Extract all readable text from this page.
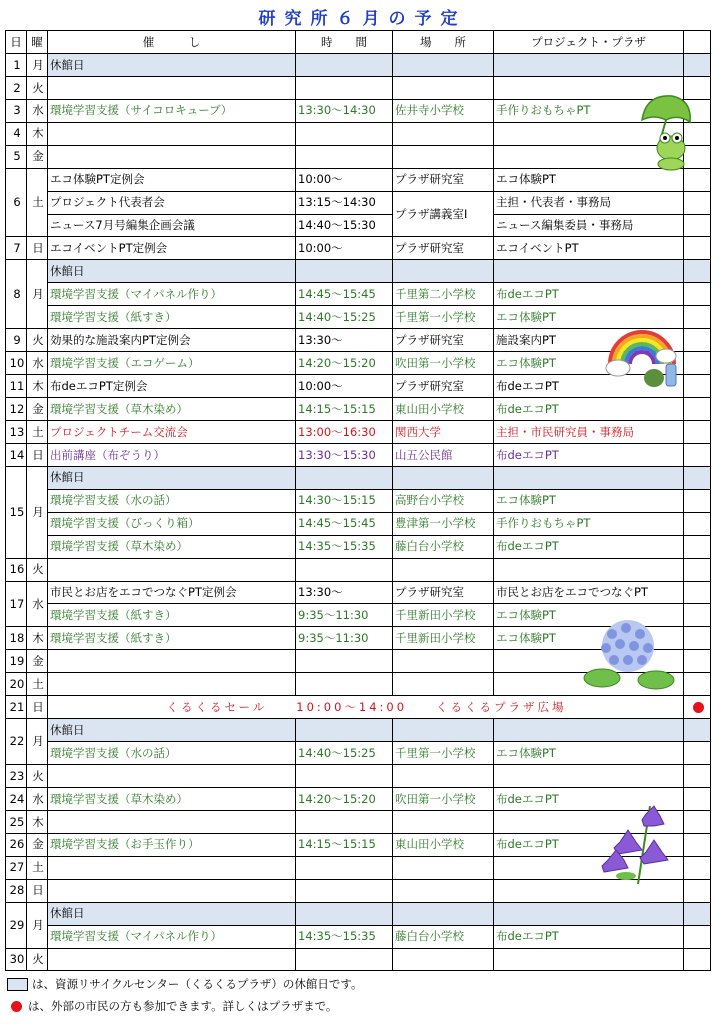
研究所６月の予定
日	曜	催　　　し	時　　間	場　　所	プロジェクト・プラザ	
1	月	休館日				
2	火					
3	水	環境学習支援（サイコロキューブ）	13:30～14:30	佐井寺小学校	手作りおもちゃPT	
4	木					
5	金					
6	土	エコ体験PT定例会	10:00～	プラザ研究室	エコ体験PT	
		プロジェクト代表者会	13:15～14:30	プラザ講義室Ⅰ	主担・代表者・事務局	
		ニュース7月号編集企画会議	14:40～15:30		ニュース編集委員・事務局	
7	日	エコイベントPT定例会	10:00～	プラザ研究室	エコイベントPT	
8	月	休館日				
		環境学習支援（マイパネル作り）	14:45～15:45	千里第二小学校	布deエコPT	
		環境学習支援（紙すき）	14:40～15:25	千里第一小学校	エコ体験PT	
9	火	効果的な施設案内PT定例会	13:30～	プラザ研究室	施設案内PT	
10	水	環境学習支援（エコゲーム）	14:20～15:20	吹田第一小学校	エコ体験PT	
11	木	布deエコPT定例会	10:00～	プラザ研究室	布deエコPT	
12	金	環境学習支援（草木染め）	14:15～15:15	東山田小学校	布deエコPT	
13	土	プロジェクトチーム交流会	13:00～16:30	関西大学	主担・市民研究員・事務局	
14	日	出前講座（布ぞうり）	13:30～15:30	山五公民館	布deエコPT	
15	月	休館日				
		環境学習支援（水の話）	14:30～15:15	高野台小学校	エコ体験PT	
		環境学習支援（びっくり箱）	14:45～15:45	豊津第一小学校	手作りおもちゃPT	
		環境学習支援（草木染め）	14:35～15:35	藤白台小学校	布deエコPT	
16	火					
17	水	市民とお店をエコでつなぐPT定例会	13:30～	プラザ研究室	市民とお店をエコでつなぐPT	
		環境学習支援（紙すき）	9:35～11:30	千里新田小学校	エコ体験PT	
18	木	環境学習支援（紙すき）	9:35～11:30	千里新田小学校	エコ体験PT	
19	金					
20	土					
21	日	くるくるセール　　10:00～14:00　　くるくるプラザ広場				
22	月	休館日				
		環境学習支援（水の話）	14:40～15:25	千里第一小学校	エコ体験PT	
23	火					
24	水	環境学習支援（草木染め）	14:20～15:20	吹田第一小学校	布deエコPT	
25	木					
26	金	環境学習支援（お手玉作り）	14:15～15:15	東山田小学校	布deエコPT	
27	土					
28	日					
29	月	休館日				
		環境学習支援（マイパネル作り）	14:35～15:35	藤白台小学校	布deエコPT	
30	火					
は、資源リサイクルセンター（くるくるプラザ）の休館日です。
は、外部の市民の方も参加できます。詳しくはプラザまで。
